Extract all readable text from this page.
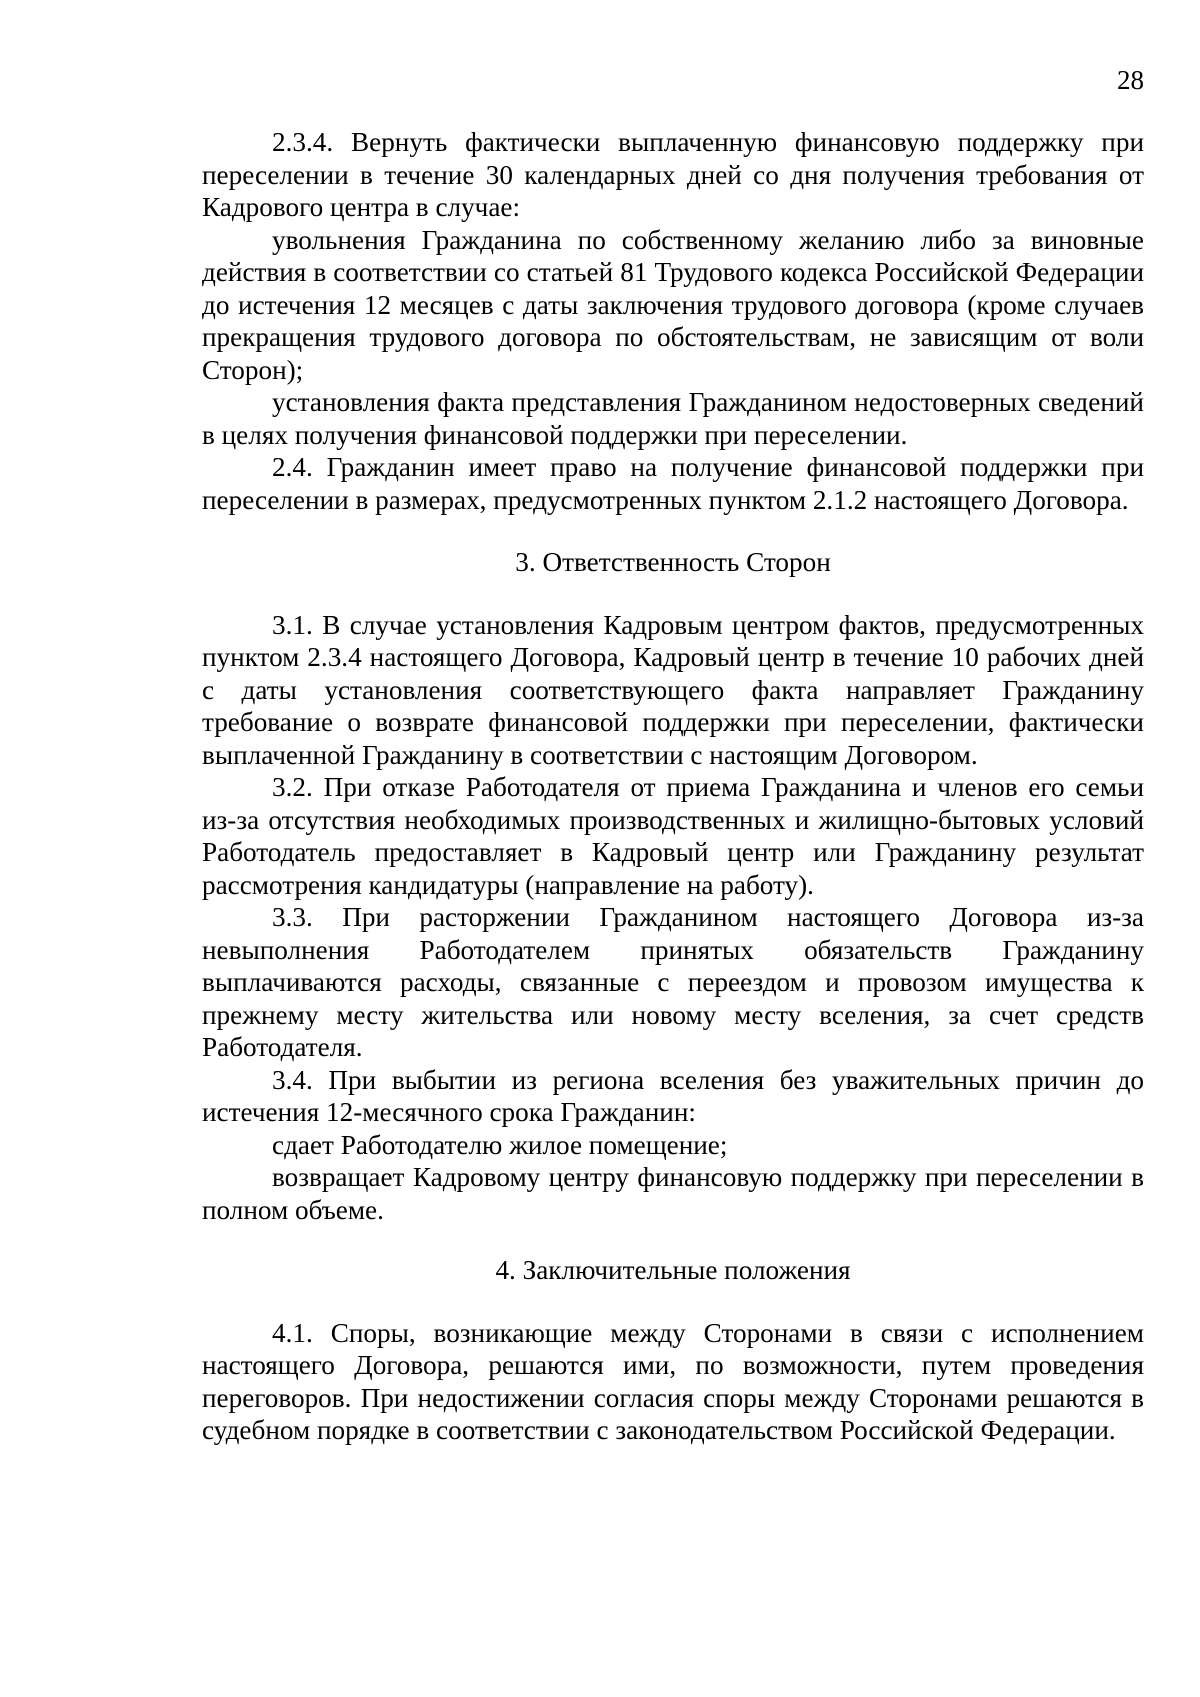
28

2.3.4. Вернуть фактически выплаченную финансовую поддержку при переселении в течение 30 календарных дней со дня получения требования от Кадрового центра в случае:

увольнения Гражданина по собственному желанию либо за виновные действия в соответствии со статьей 81 Трудового кодекса Российской Федерации до истечения 12 месяцев с даты заключения трудового договора (кроме случаев прекращения трудового договора по обстоятельствам, не зависящим от воли Сторон);

установления факта представления Гражданином недостоверных сведений в целях получения финансовой поддержки при переселении.

2.4. Гражданин имеет право на получение финансовой поддержки при переселении в размерах, предусмотренных пунктом 2.1.2 настоящего Договора.

3. Ответственность Сторон

3.1. В случае установления Кадровым центром фактов, предусмотренных пунктом 2.3.4 настоящего Договора, Кадровый центр в течение 10 рабочих дней с даты установления соответствующего факта направляет Гражданину требование о возврате финансовой поддержки при переселении, фактически выплаченной Гражданину в соответствии с настоящим Договором.

3.2. При отказе Работодателя от приема Гражданина и членов его семьи из-за отсутствия необходимых производственных и жилищно-бытовых условий Работодатель предоставляет в Кадровый центр или Гражданину результат рассмотрения кандидатуры (направление на работу).

3.3. При расторжении Гражданином настоящего Договора из-за невыполнения Работодателем принятых обязательств Гражданину выплачиваются расходы, связанные с переездом и провозом имущества к прежнему месту жительства или новому месту вселения, за счет средств Работодателя.

3.4. При выбытии из региона вселения без уважительных причин до истечения 12-месячного срока Гражданин:

сдает Работодателю жилое помещение;

возвращает Кадровому центру финансовую поддержку при переселении в полном объеме.

4. Заключительные положения

4.1. Споры, возникающие между Сторонами в связи с исполнением настоящего Договора, решаются ими, по возможности, путем проведения переговоров. При недостижении согласия споры между Сторонами решаются в судебном порядке в соответствии с законодательством Российской Федерации.
